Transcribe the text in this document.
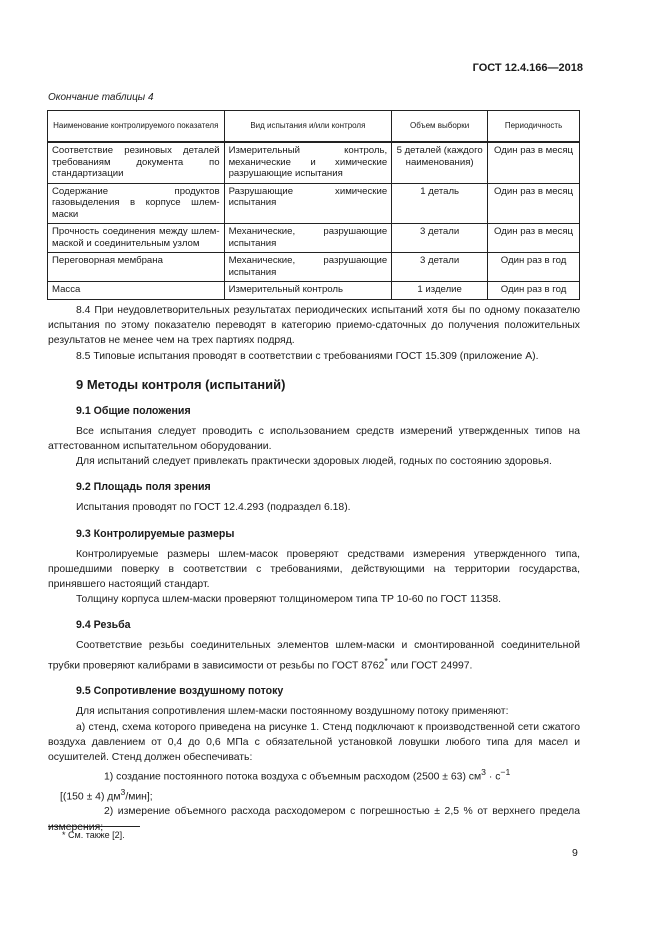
ГОСТ 12.4.166—2018
Окончание таблицы 4
Наименование контролируемого показателя	Вид испытания и/или контроля	Объем выборки	Периодичность
Соответствие резиновых деталей требованиям документа по стандартизации	Измерительный контроль, механические и химические разрушающие испытания	5 деталей (каждого наименования)	Один раз в месяц
Содержание продуктов газовыделения в корпусе шлем-маски	Разрушающие химические испытания	1 деталь	Один раз в месяц
Прочность соединения между шлем-маской и соединительным узлом	Механические, разрушающие испытания	3 детали	Один раз в месяц
Переговорная мембрана	Механические, разрушающие испытания	3 детали	Один раз в год
Масса	Измерительный контроль	1 изделие	Один раз в год

8.4 При неудовлетворительных результатах периодических испытаний хотя бы по одному показателю испытания по этому показателю переводят в категорию приемо-сдаточных до получения положительных результатов не менее чем на трех партиях подряд.

8.5 Типовые испытания проводят в соответствии с требованиями ГОСТ 15.309 (приложение А).

9 Методы контроля (испытаний)
9.1 Общие положения

Все испытания следует проводить с использованием средств измерений утвержденных типов на аттестованном испытательном оборудовании.

Для испытаний следует привлекать практически здоровых людей, годных по состоянию здоровья.

9.2 Площадь поля зрения

Испытания проводят по ГОСТ 12.4.293 (подраздел 6.18).

9.3 Контролируемые размеры

Контролируемые размеры шлем-масок проверяют средствами измерения утвержденного типа, прошедшими поверку в соответствии с требованиями, действующими на территории государства, принявшего настоящий стандарт.

Толщину корпуса шлем-маски проверяют толщиномером типа ТР 10-60 по ГОСТ 11358.

9.4 Резьба

Соответствие резьбы соединительных элементов шлем-маски и смонтированной соединительной трубки проверяют калибрами в зависимости от резьбы по ГОСТ 8762* или ГОСТ 24997.

9.5 Сопротивление воздушному потоку

Для испытания сопротивления шлем-маски постоянному воздушному потоку применяют:

а) стенд, схема которого приведена на рисунке 1. Стенд подключают к производственной сети сжатого воздуха давлением от 0,4 до 0,6 МПа с обязательной установкой ловушки любого типа для масел и осушителей. Стенд должен обеспечивать:

1) создание постоянного потока воздуха с объемным расходом (2500 ± 63) $см^3 \cdot с^{-1}$

[(150 ± 4) $дм^3/мин$];

2) измерение объемного расхода расходомером с погрешностью ± 2,5 % от верхнего предела измерения;

* См. также [2].
9
